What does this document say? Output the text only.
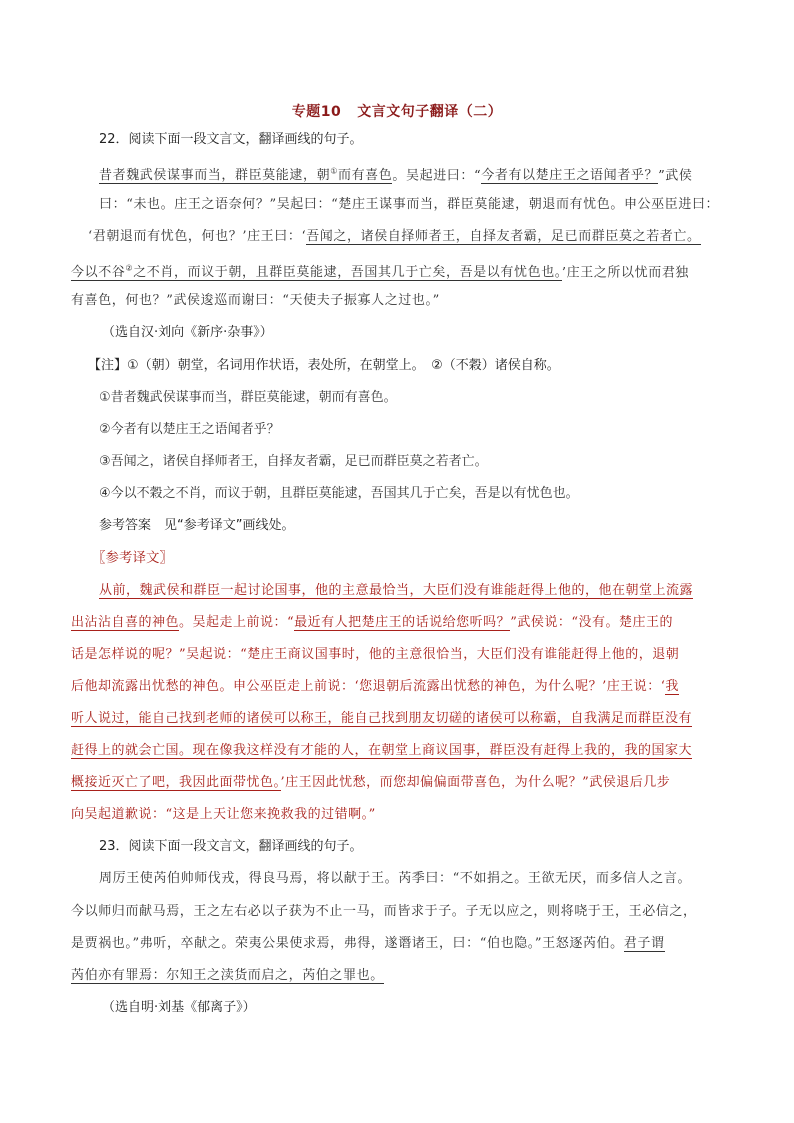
专题10 文言文句子翻译（二）
22．阅读下面一段文言文，翻译画线的句子。
昔者魏武侯谋事而当，群臣莫能逮，朝①而有喜色。吴起进曰：“今者有以楚庄王之语闻者乎？”武侯
曰：“未也。庄王之语奈何？”吴起曰：“楚庄王谋事而当，群臣莫能逮，朝退而有忧色。申公巫臣进曰：
‘君朝退而有忧色，何也？’庄王曰：‘吾闻之，诸侯自择师者王，自择友者霸，足已而群臣莫之若者亡。
今以不谷②之不肖，而议于朝，且群臣莫能逮，吾国其几于亡矣，吾是以有忧色也。’庄王之所以忧而君独
有喜色，何也？”武侯逡巡而谢曰：“天使夫子振寡人之过也。”
（选自汉·刘向《新序·杂事》）
【注】①（朝）朝堂，名词用作状语，表处所，在朝堂上。　②（不穀）诸侯自称。
①昔者魏武侯谋事而当，群臣莫能逮，朝而有喜色。
②今者有以楚庄王之语闻者乎？
③吾闻之，诸侯自择师者王，自择友者霸，足已而群臣莫之若者亡。
④今以不穀之不肖，而议于朝，且群臣莫能逮，吾国其几于亡矣，吾是以有忧色也。
参考答案　见“参考译文”画线处。
〖参考译文〗
从前，魏武侯和群臣一起讨论国事，他的主意最恰当，大臣们没有谁能赶得上他的，他在朝堂上流露
出沾沾自喜的神色。吴起走上前说：“最近有人把楚庄王的话说给您听吗？”武侯说：“没有。楚庄王的
话是怎样说的呢？”吴起说：“楚庄王商议国事时，他的主意很恰当，大臣们没有谁能赶得上他的，退朝
后他却流露出忧愁的神色。申公巫臣走上前说：‘您退朝后流露出忧愁的神色，为什么呢？’庄王说：‘我
听人说过，能自己找到老师的诸侯可以称王，能自己找到朋友切磋的诸侯可以称霸，自我满足而群臣没有
赶得上的就会亡国。现在像我这样没有才能的人，在朝堂上商议国事，群臣没有赶得上我的，我的国家大
概接近灭亡了吧，我因此面带忧色。’庄王因此忧愁，而您却偏偏面带喜色，为什么呢？”武侯退后几步
向吴起道歉说：“这是上天让您来挽救我的过错啊。”
23．阅读下面一段文言文，翻译画线的句子。
周厉王使芮伯帅师伐戎，得良马焉，将以献于王。芮季曰：“不如捐之。王欲无厌，而多信人之言。
今以师归而献马焉，王之左右必以子获为不止一马，而皆求于子。子无以应之，则将哓于王，王必信之，
是贾祸也。”弗听，卒献之。荣夷公果使求焉，弗得，遂谮诸王，曰：“伯也隐。”王怒逐芮伯。君子谓
芮伯亦有罪焉：尔知王之渎货而启之，芮伯之罪也。
（选自明·刘基《郁离子》）
